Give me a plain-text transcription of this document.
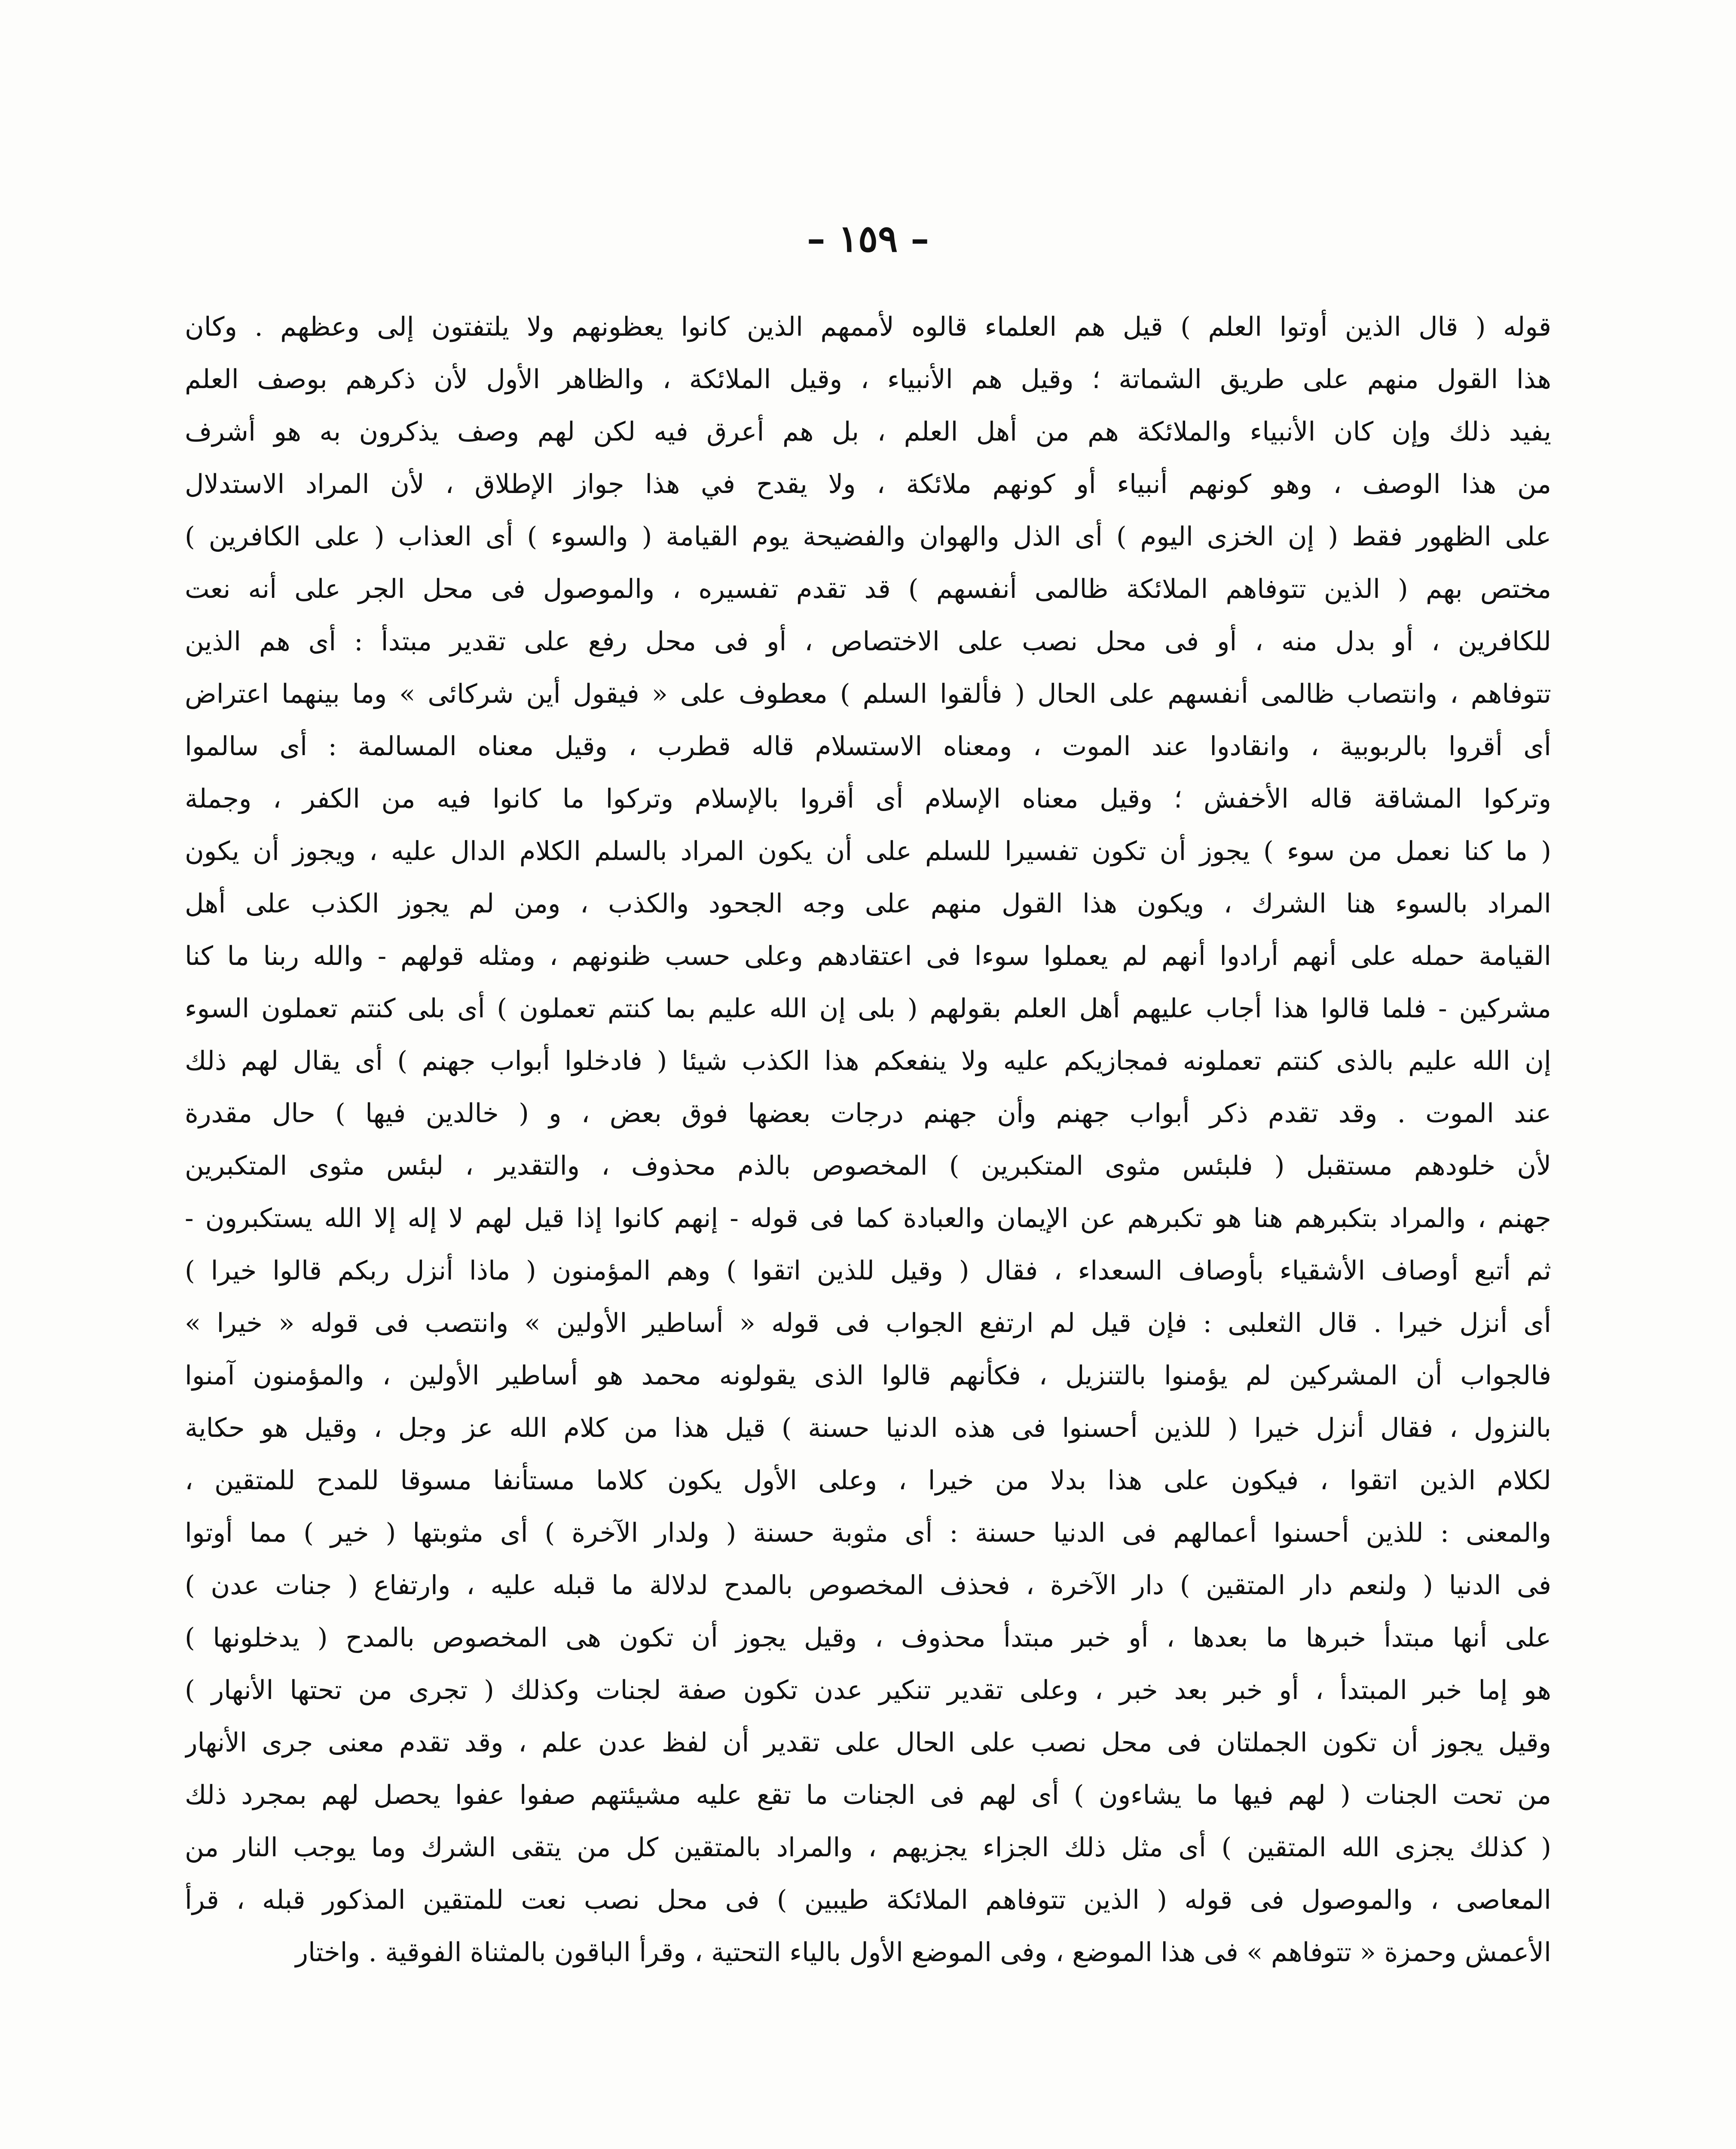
– ١٥٩ –
قوله ( قال الذين أوتوا العلم ) قيل هم العلماء قالوه لأممهم الذين كانوا يعظونهم ولا يلتفتون إلى وعظهم . وكان
هذا القول منهم على طريق الشماتة ؛ وقيل هم الأنبياء ، وقيل الملائكة ، والظاهر الأول لأن ذكرهم بوصف العلم
يفيد ذلك وإن كان الأنبياء والملائكة هم من أهل العلم ، بل هم أعرق فيه لكن لهم وصف يذكرون به هو أشرف
من هذا الوصف ، وهو كونهم أنبياء أو كونهم ملائكة ، ولا يقدح في هذا جواز الإطلاق ، لأن المراد الاستدلال
على الظهور فقط ( إن الخزى اليوم ) أى الذل والهوان والفضيحة يوم القيامة ( والسوء ) أى العذاب ( على الكافرين )
مختص بهم ( الذين تتوفاهم الملائكة ظالمى أنفسهم ) قد تقدم تفسيره ، والموصول فى محل الجر على أنه نعت
للكافرين ، أو بدل منه ، أو فى محل نصب على الاختصاص ، أو فى محل رفع على تقدير مبتدأ : أى هم الذين
تتوفاهم ، وانتصاب ظالمى أنفسهم على الحال ( فألقوا السلم ) معطوف على « فيقول أين شركائى » وما بينهما اعتراض
أى أقروا بالربوبية ، وانقادوا عند الموت ، ومعناه الاستسلام قاله قطرب ، وقيل معناه المسالمة : أى سالموا
وتركوا المشاقة قاله الأخفش ؛ وقيل معناه الإسلام أى أقروا بالإسلام وتركوا ما كانوا فيه من الكفر ، وجملة
( ما كنا نعمل من سوء ) يجوز أن تكون تفسيرا للسلم على أن يكون المراد بالسلم الكلام الدال عليه ، ويجوز أن يكون
المراد بالسوء هنا الشرك ، ويكون هذا القول منهم على وجه الجحود والكذب ، ومن لم يجوز الكذب على أهل
القيامة حمله على أنهم أرادوا أنهم لم يعملوا سوءا فى اعتقادهم وعلى حسب ظنونهم ، ومثله قولهم - والله ربنا ما كنا
مشركين - فلما قالوا هذا أجاب عليهم أهل العلم بقولهم ( بلى إن الله عليم بما كنتم تعملون ) أى بلى كنتم تعملون السوء
إن الله عليم بالذى كنتم تعملونه فمجازيكم عليه ولا ينفعكم هذا الكذب شيئا ( فادخلوا أبواب جهنم ) أى يقال لهم ذلك
عند الموت . وقد تقدم ذكر أبواب جهنم وأن جهنم درجات بعضها فوق بعض ، و ( خالدين فيها ) حال مقدرة
لأن خلودهم مستقبل ( فلبئس مثوى المتكبرين ) المخصوص بالذم محذوف ، والتقدير ، لبئس مثوى المتكبرين
جهنم ، والمراد بتكبرهم هنا هو تكبرهم عن الإيمان والعبادة كما فى قوله - إنهم كانوا إذا قيل لهم لا إله إلا الله يستكبرون -
ثم أتبع أوصاف الأشقياء بأوصاف السعداء ، فقال ( وقيل للذين اتقوا ) وهم المؤمنون ( ماذا أنزل ربكم قالوا خيرا )
أى أنزل خيرا . قال الثعلبى : فإن قيل لم ارتفع الجواب فى قوله « أساطير الأولين » وانتصب فى قوله « خيرا »
فالجواب أن المشركين لم يؤمنوا بالتنزيل ، فكأنهم قالوا الذى يقولونه محمد هو أساطير الأولين ، والمؤمنون آمنوا
بالنزول ، فقال أنزل خيرا ( للذين أحسنوا فى هذه الدنيا حسنة ) قيل هذا من كلام الله عز وجل ، وقيل هو حكاية
لكلام الذين اتقوا ، فيكون على هذا بدلا من خيرا ، وعلى الأول يكون كلاما مستأنفا مسوقا للمدح للمتقين ،
والمعنى : للذين أحسنوا أعمالهم فى الدنيا حسنة : أى مثوبة حسنة ( ولدار الآخرة ) أى مثوبتها ( خير ) مما أوتوا
فى الدنيا ( ولنعم دار المتقين ) دار الآخرة ، فحذف المخصوص بالمدح لدلالة ما قبله عليه ، وارتفاع ( جنات عدن )
على أنها مبتدأ خبرها ما بعدها ، أو خبر مبتدأ محذوف ، وقيل يجوز أن تكون هى المخصوص بالمدح ( يدخلونها )
هو إما خبر المبتدأ ، أو خبر بعد خبر ، وعلى تقدير تنكير عدن تكون صفة لجنات وكذلك ( تجرى من تحتها الأنهار )
وقيل يجوز أن تكون الجملتان فى محل نصب على الحال على تقدير أن لفظ عدن علم ، وقد تقدم معنى جرى الأنهار
من تحت الجنات ( لهم فيها ما يشاءون ) أى لهم فى الجنات ما تقع عليه مشيئتهم صفوا عفوا يحصل لهم بمجرد ذلك
( كذلك يجزى الله المتقين ) أى مثل ذلك الجزاء يجزيهم ، والمراد بالمتقين كل من يتقى الشرك وما يوجب النار من
المعاصى ، والموصول فى قوله ( الذين تتوفاهم الملائكة طيبين ) فى محل نصب نعت للمتقين المذكور قبله ، قرأ
الأعمش وحمزة « تتوفاهم » فى هذا الموضع ، وفى الموضع الأول بالياء التحتية ، وقرأ الباقون بالمثناة الفوقية . واختار
